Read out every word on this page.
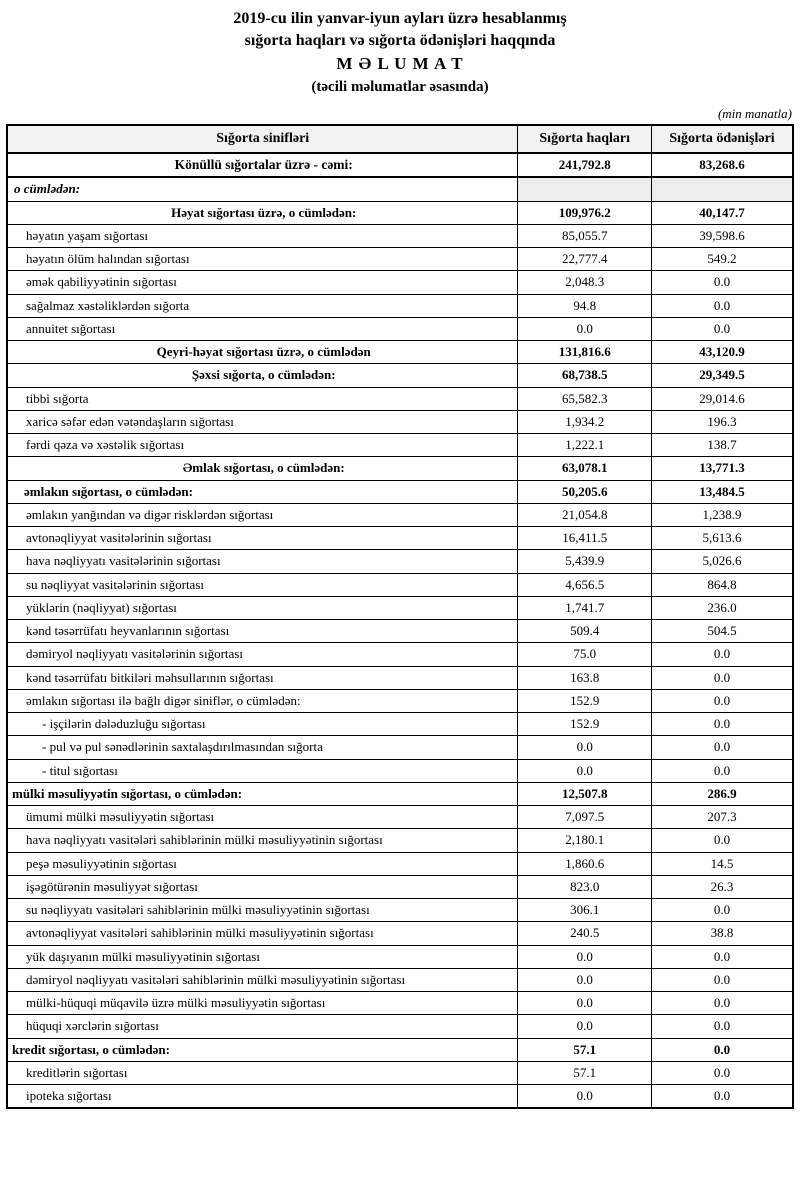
2019-cu ilin yanvar-iyun ayları üzrə hesablanmış
sığorta haqları və sığorta ödənişləri haqqında
M Ə L U M A T
(təcili məlumatlar əsasında)
(min manatla)
Sığorta sinifləri	Sığorta haqları	Sığorta ödənişləri
Könüllü sığortalar üzrə - cəmi:	241,792.8	83,268.6
o cümlədən:		
Həyat sığortası üzrə, o cümlədən:	109,976.2	40,147.7
həyatın yaşam sığortası	85,055.7	39,598.6
həyatın ölüm halından sığortası	22,777.4	549.2
əmək qabiliyyətinin sığortası	2,048.3	0.0
sağalmaz xəstəliklərdən sığorta	94.8	0.0
annuitet sığortası	0.0	0.0
Qeyri-həyat sığortası üzrə, o cümlədən	131,816.6	43,120.9
Şəxsi sığorta, o cümlədən:	68,738.5	29,349.5
tibbi sığorta	65,582.3	29,014.6
xaricə səfər edən vətəndaşların sığortası	1,934.2	196.3
fərdi qəza və xəstəlik sığortası	1,222.1	138.7
Əmlak sığortası, o cümlədən:	63,078.1	13,771.3
əmlakın sığortası, o cümlədən:	50,205.6	13,484.5
əmlakın yanğından və digər risklərdən sığortası	21,054.8	1,238.9
avtonəqliyyat vasitələrinin sığortası	16,411.5	5,613.6
hava nəqliyyatı vasitələrinin sığortası	5,439.9	5,026.6
su nəqliyyat vasitələrinin sığortası	4,656.5	864.8
yüklərin (nəqliyyat) sığortası	1,741.7	236.0
kənd təsərrüfatı heyvanlarının sığortası	509.4	504.5
dəmiryol nəqliyyatı vasitələrinin sığortası	75.0	0.0
kənd təsərrüfatı bitkiləri məhsullarının sığortası	163.8	0.0
əmlakın sığortası ilə bağlı digər siniflər, o cümlədən:	152.9	0.0
- işçilərin dələduzluğu sığortası	152.9	0.0
- pul və pul sənədlərinin saxtalaşdırılmasından sığorta	0.0	0.0
- titul sığortası	0.0	0.0
mülki məsuliyyətin sığortası, o cümlədən:	12,507.8	286.9
ümumi mülki məsuliyyətin sığortası	7,097.5	207.3
hava nəqliyyatı vasitələri sahiblərinin mülki məsuliyyətinin sığortası	2,180.1	0.0
peşə məsuliyyətinin sığortası	1,860.6	14.5
işəgötürənin məsuliyyət sığortası	823.0	26.3
su nəqliyyatı vasitələri sahiblərinin mülki məsuliyyətinin sığortası	306.1	0.0
avtonəqliyyat vasitələri sahiblərinin mülki məsuliyyətinin sığortası	240.5	38.8
yük daşıyanın mülki məsuliyyətinin sığortası	0.0	0.0
dəmiryol nəqliyyatı vasitələri sahiblərinin mülki məsuliyyətinin sığortası	0.0	0.0
mülki-hüquqi müqavilə üzrə mülki məsuliyyətin sığortası	0.0	0.0
hüquqi xərclərin sığortası	0.0	0.0
kredit sığortası, o cümlədən:	57.1	0.0
kreditlərin sığortası	57.1	0.0
ipoteka sığortası	0.0	0.0
